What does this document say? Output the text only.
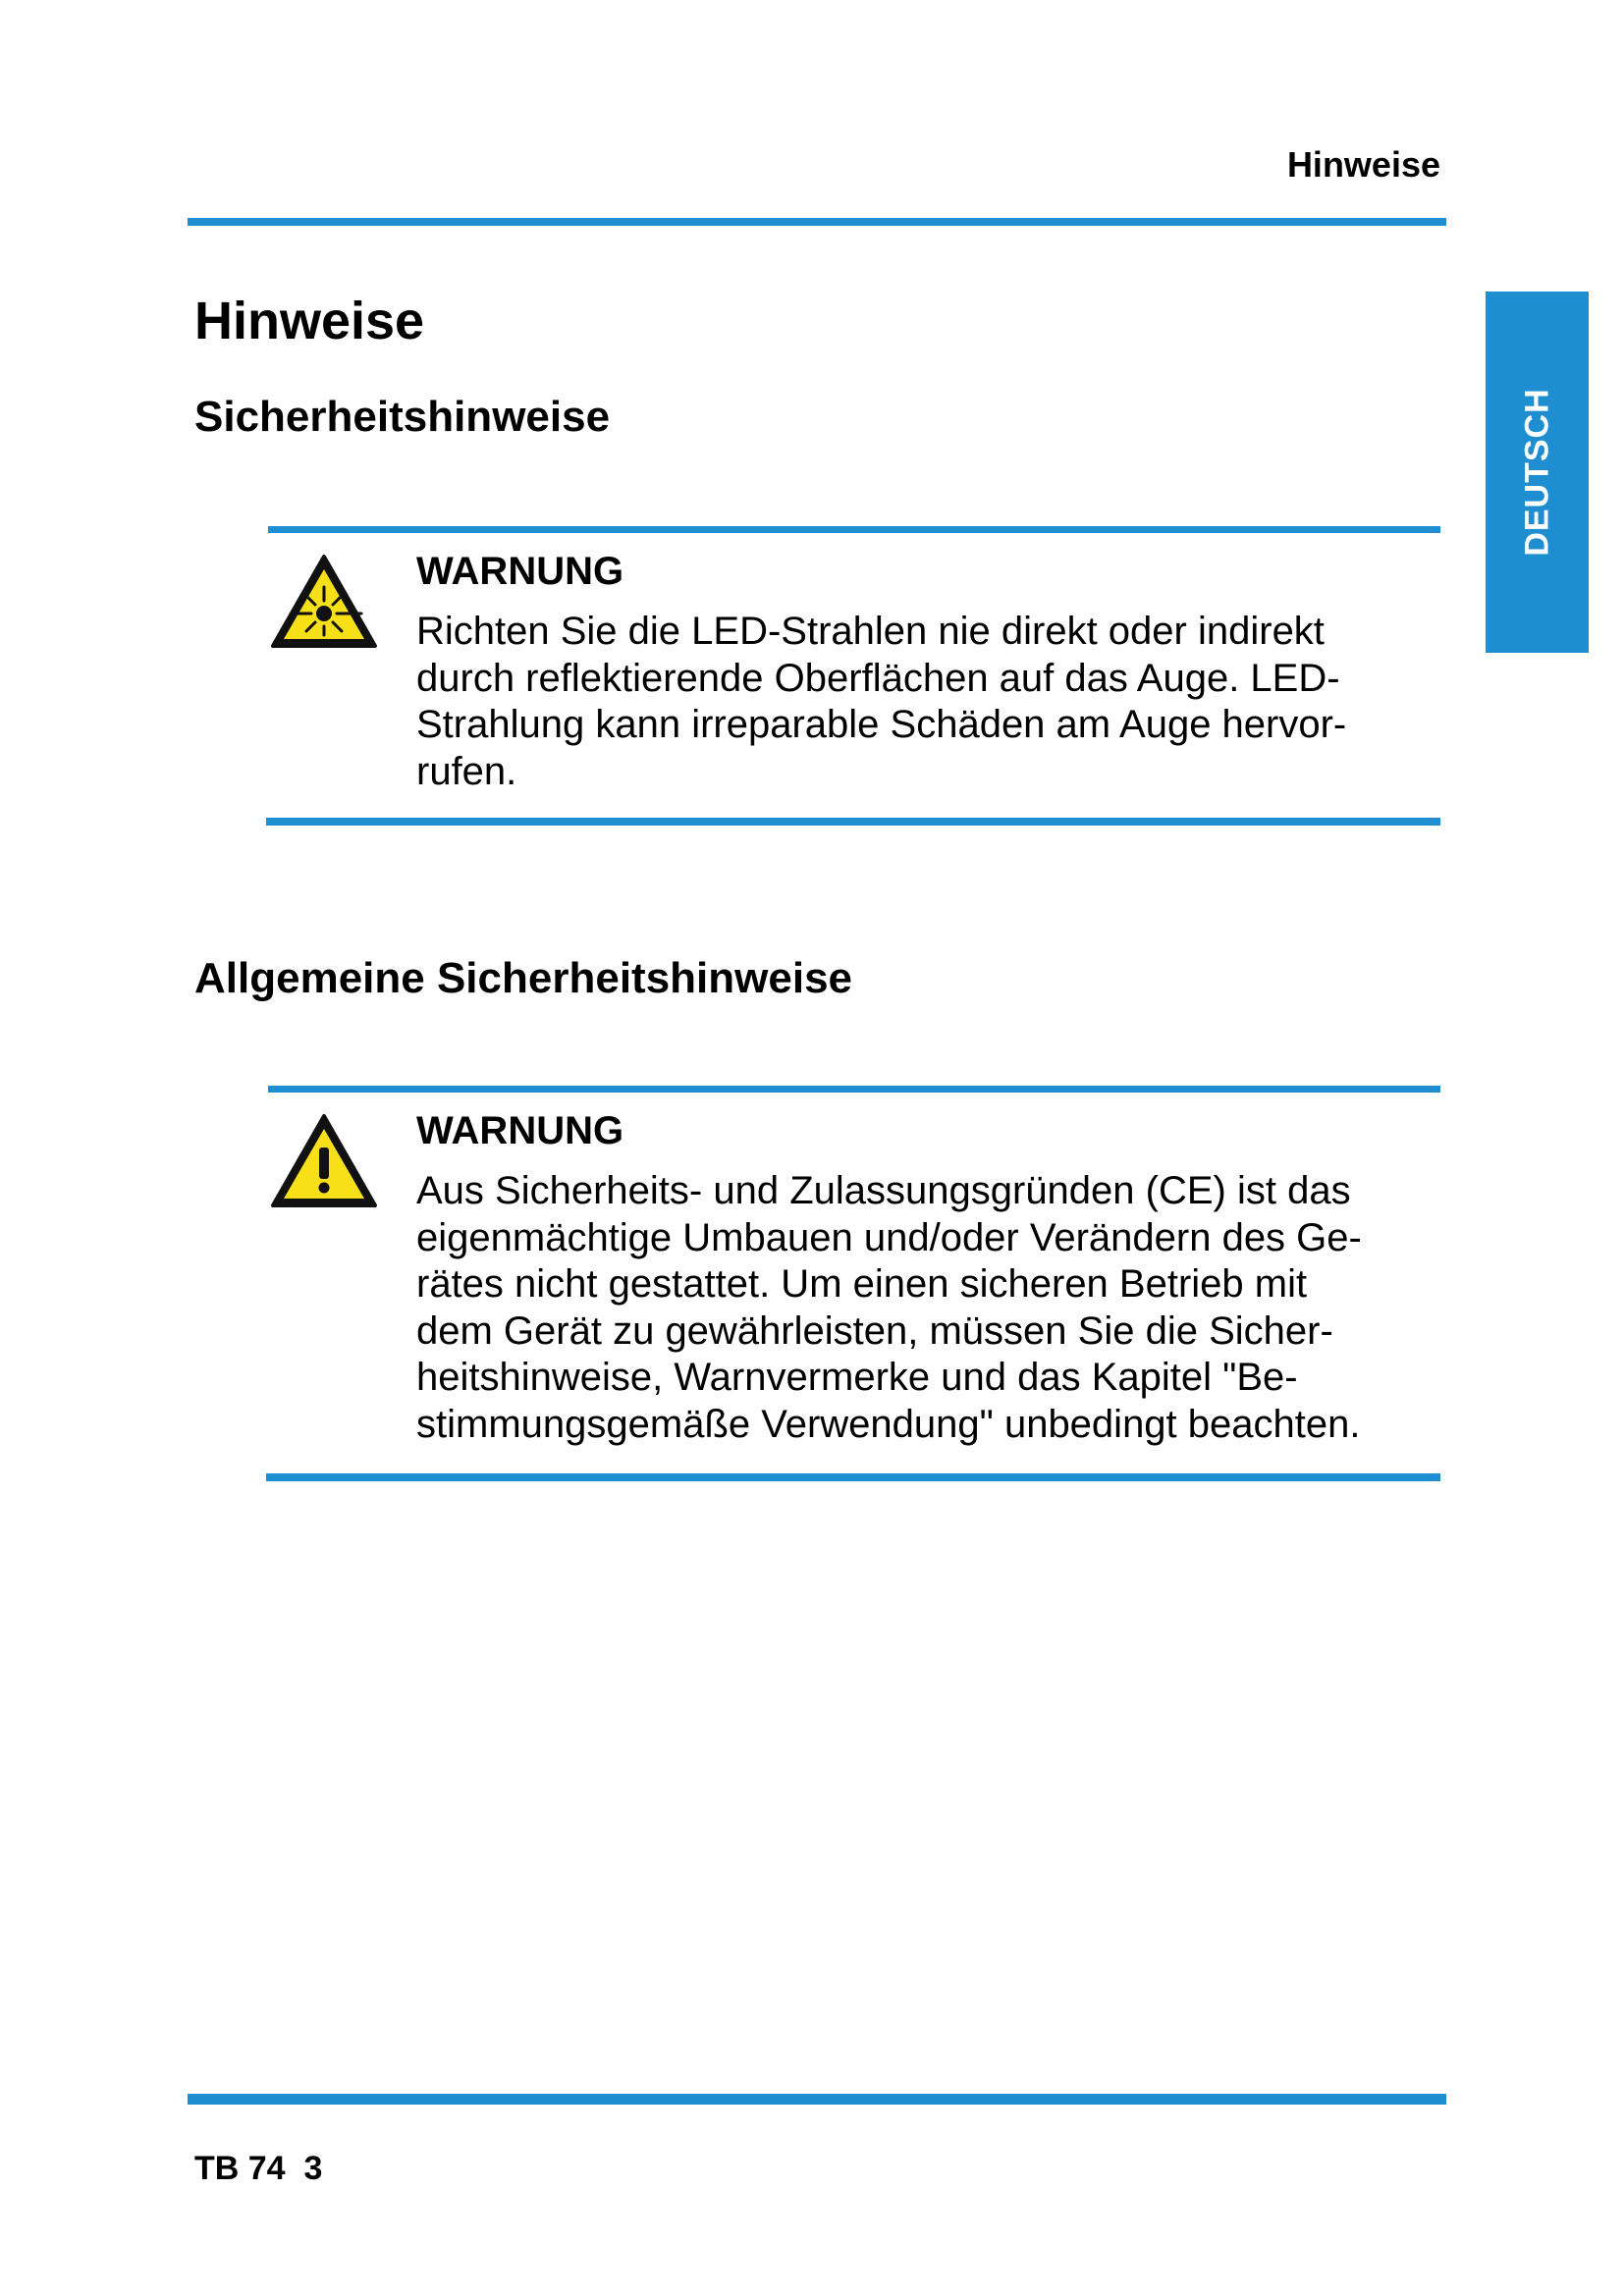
Hinweise
DEUTSCH
Hinweise
Sicherheitshinweise
WARNUNG
Richten Sie die LED-Strahlen nie direkt oder indirekt
durch reflektierende Oberflächen auf das Auge. LED-
Strahlung kann irreparable Schäden am Auge hervor-
rufen.
Allgemeine Sicherheitshinweise
WARNUNG
Aus Sicherheits- und Zulassungsgründen (CE) ist das
eigenmächtige Umbauen und/oder Verändern des Ge-
rätes nicht gestattet. Um einen sicheren Betrieb mit
dem Gerät zu gewährleisten, müssen Sie die Sicher-
heitshinweise, Warnvermerke und das Kapitel "Be-
stimmungsgemäße Verwendung" unbedingt beachten.
TB 74  3
